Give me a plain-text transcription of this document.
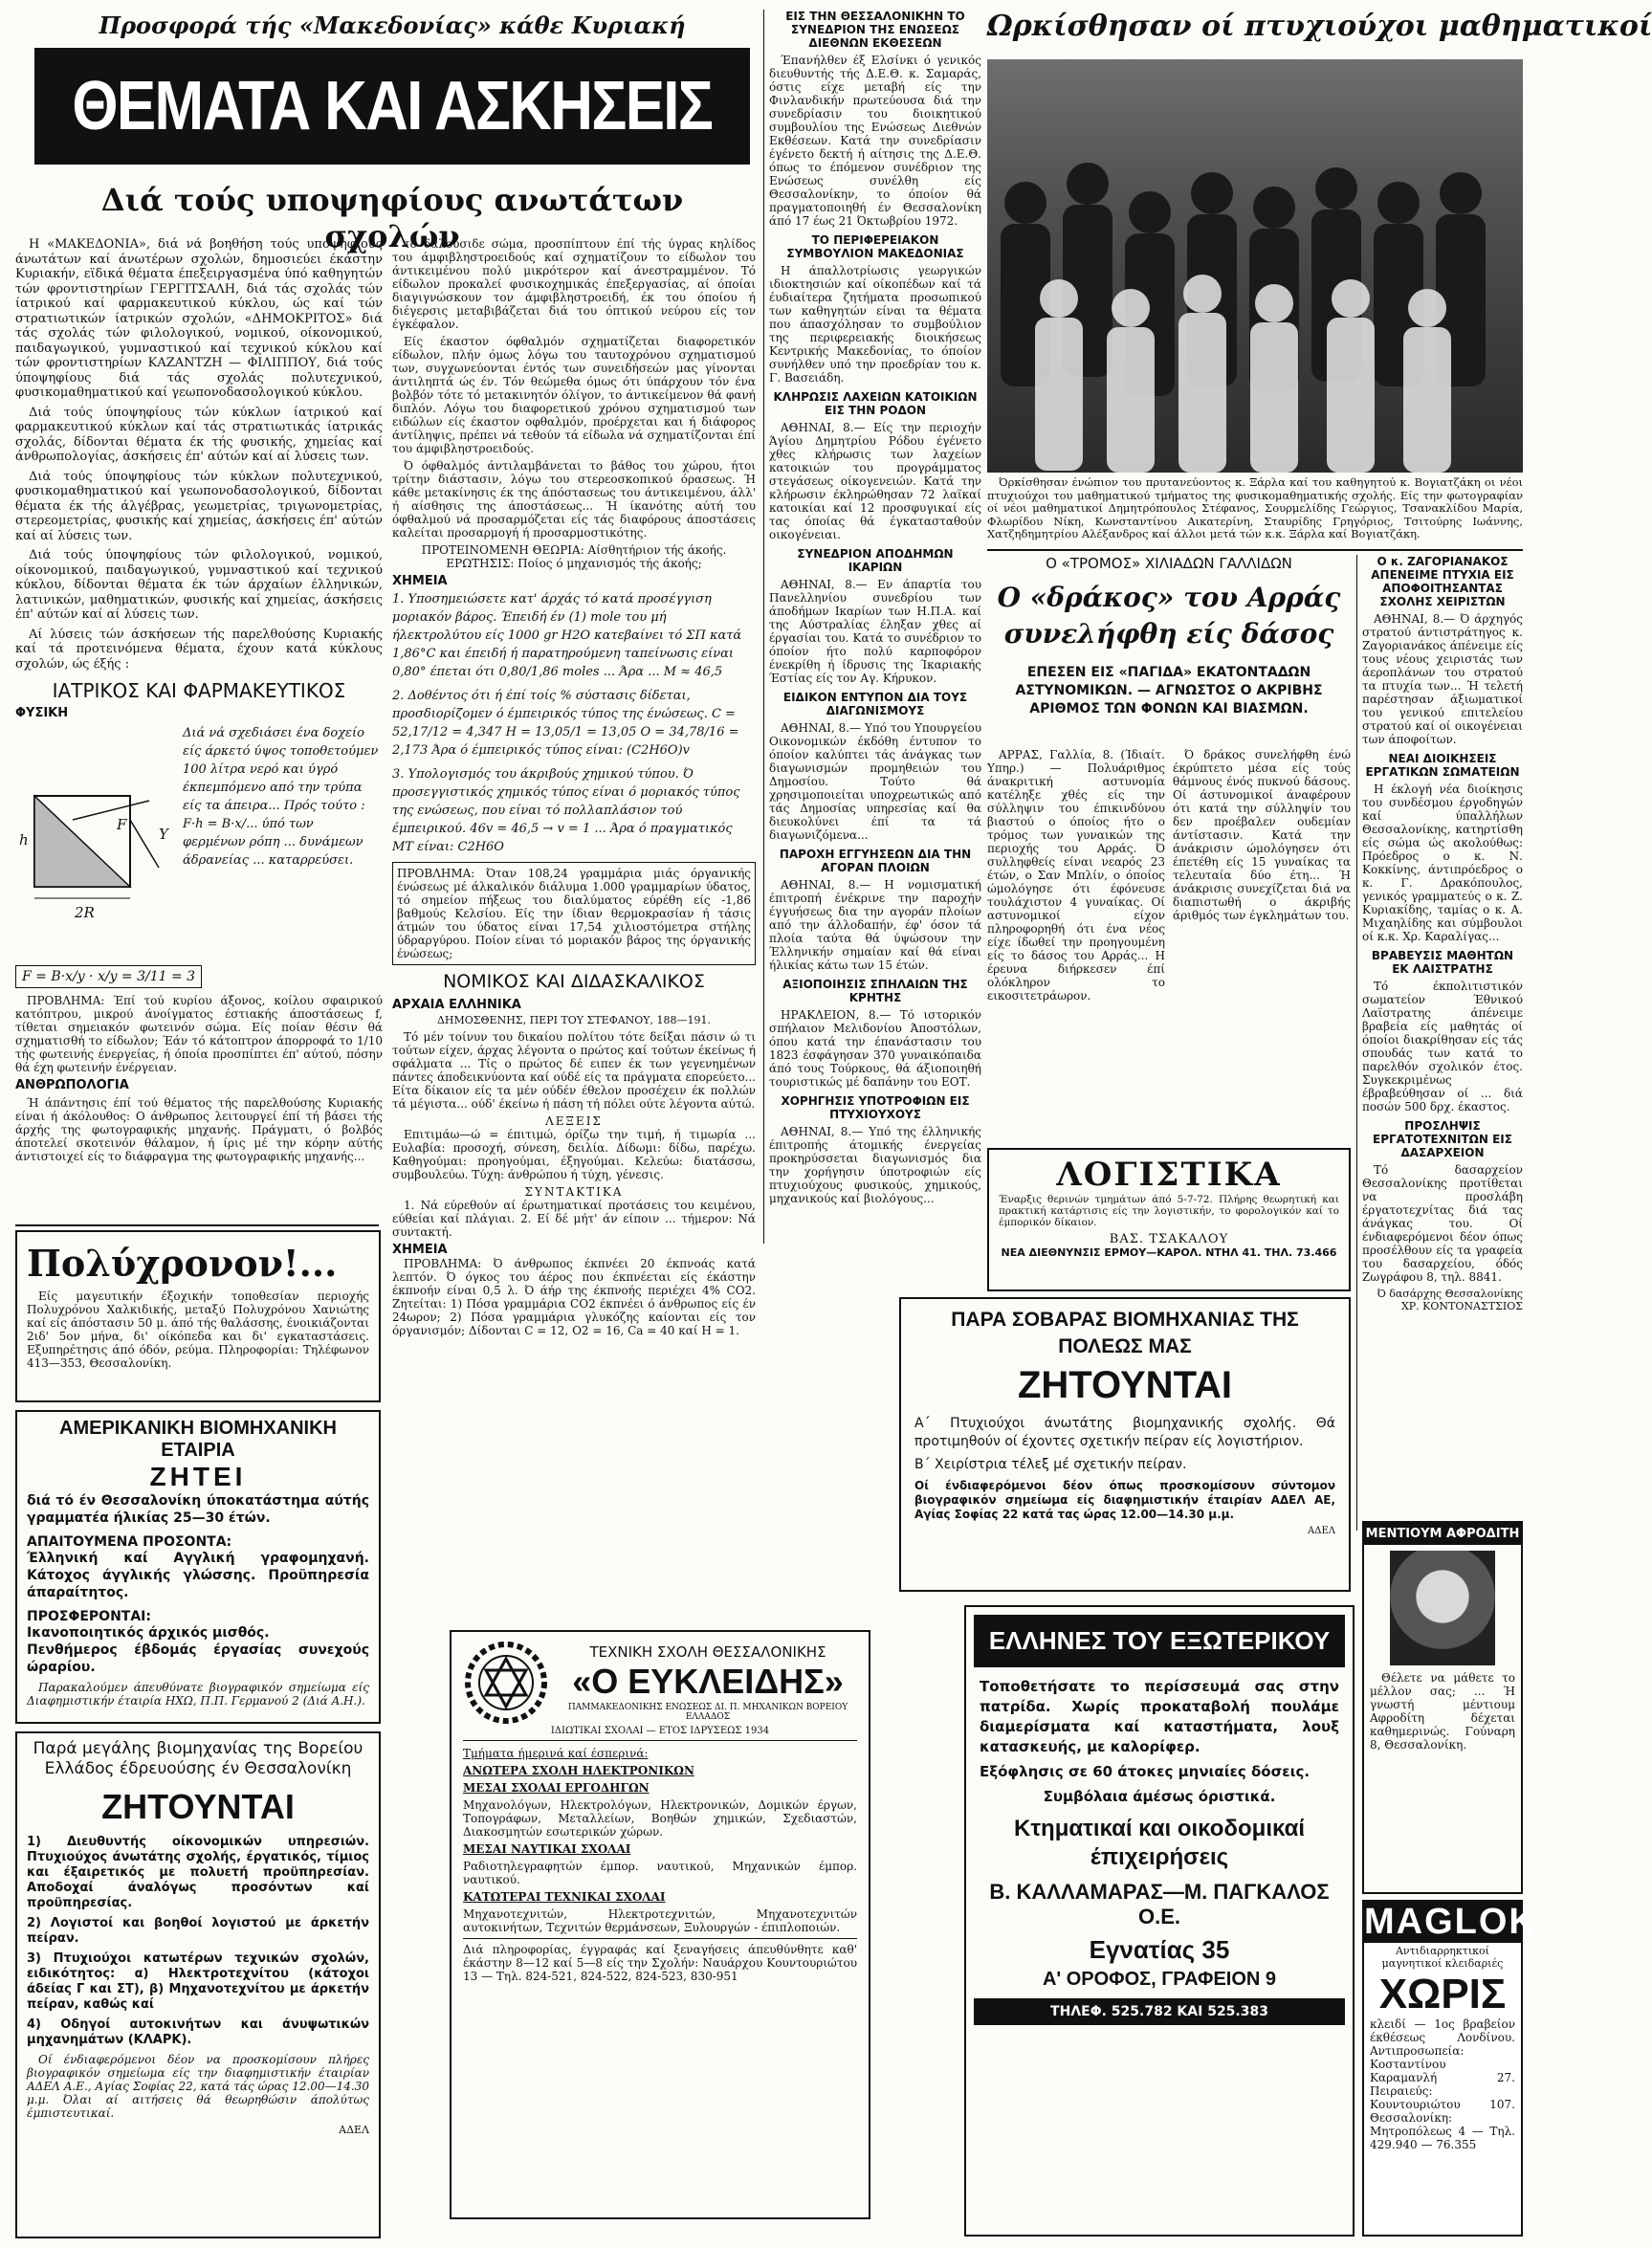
Προσφορά τής «Μακεδονίας» κάθε Κυριακή
ΘΕΜΑΤΑ ΚΑΙ ΑΣΚΗΣΕΙΣ
Διά τούς υποψηφίους ανωτάτων σχολών

Η «ΜΑΚΕΔΟΝΙΑ», διά νά βοηθήση τούς υποψηφίους άνωτάτων καί άνωτέρων σχολών, δημοσιεύει έκάστην Κυριακήν, εϊδικά θέματα έπεξειργασμένα ύπό καθηγητών τών φροντιστηρίων ΓΕΡΓΙΤΣΑΛΗ, διά τάς σχολάς τών ίατρικού καί φαρμακευτικού κύκλου, ώς καί τών στρατιωτικών ίατρικών σχολών, «ΔΗΜΟΚΡΙΤΟΣ» διά τάς σχολάς τών φιλολογικού, νομικού, οίκονομικού, παιδαγωγικού, γυμναστικού καί τεχνικού κύκλου καί τών φροντιστηρίων ΚΑΖΑΝΤΖΗ — ΦΙΛΙΠΠΟΥ, διά τούς ύποψηφίους διά τάς σχολάς πολυτεχνικού, φυσικομαθηματικού καί γεωπονοδασολογικού κύκλου.

Διά τούς ύποψηφίους τών κύκλων ίατρικού καί φαρμακευτικού κύκλων καί τάς στρατιωτικάς ίατρικάς σχολάς, δίδονται θέματα έκ τής φυσικής, χημείας καί άνθρωπολογίας, άσκήσεις έπ' αύτών καί αί λύσεις των.

Διά τούς ύποψηφίους τών κύκλων πολυτεχνικού, φυσικομαθηματικού καί γεωπονοδασολογικού, δίδονται θέματα έκ τής άλγέβρας, γεωμετρίας, τριγωνομετρίας, στερεομετρίας, φυσικής καί χημείας, άσκήσεις έπ' αύτών καί αί λύσεις των.

Διά τούς ύποψηφίους τών φιλολογικού, νομικού, οίκονομικού, παιδαγωγικού, γυμναστικού καί τεχνικού κύκλου, δίδονται θέματα έκ τών άρχαίων έλληνικών, λατινικών, μαθηματικών, φυσικής καί χημείας, άσκήσεις έπ' αύτών καί αί λύσεις των.

Αί λύσεις τών άσκήσεων τής παρελθούσης Κυριακής καί τά προτεινόμενα θέματα, έχουν κατά κύκλους σχολών, ώς έξής :

ΙΑΤΡΙΚΟΣ ΚΑΙ ΦΑΡΜΑΚΕΥΤΙΚΟΣ
ΦΥΣΙΚΗ
h
2R
F
Y
Διά νά σχεδιάσει ένα δοχείο είς άρκετό ύψος τοποθετούμεν 100 λίτρα νερό και ύγρό έκπεμπόμενο από την τρύπα είς τα άπειρα... Πρός τούτο : F·h = B·x/... ύπό των φερμένων ρόπη ... δυνάμεων άδρανείας ... καταρρεύσει.
F = B·x/y · x/y = 3/11 = 3

ΠΡΟΒΛΗΜΑ: Έπί τού κυρίου άξονος, κοίλου σφαιρικού κατόπτρου, μικρού άνοίγματος έστιακής άποστάσεως f, τίθεται σημειακόν φωτεινόν σώμα. Είς ποίαν θέσιν θά σχηματισθή το είδωλον; Έάν τό κάτοπτρον άπορροφά το 1/10 τής φωτεινής ένεργείας, ή όποία προσπίπτει έπ' αύτού, πόσην θά έχη φωτεινήν ένέργειαν.

ΑΝΘΡΩΠΟΛΟΓΙΑ

Ή άπάντησις έπί τού θέματος τής παρελθούσης Κυριακής είναι ή άκόλουθος: Ο άνθρωπος λειτουργεί έπί τή βάσει τής άρχής της φωτογραφικής μηχανής. Πράγματι, ό βολβός άποτελεί σκοτεινόν θάλαμον, ή ίρις μέ την κόρην αύτής άντιστοιχεί είς το διάφραγμα της φωτογραφικής μηχανής...

το δαλούσιδε σώμα, προσπίπτουν έπί τής ύγρας κηλίδος του άμφιβληστροειδούς καί σχηματίζουν το είδωλον του άντικειμένου πολύ μικρότερον καί άνεστραμμένον. Τό είδωλον προκαλεί φυσικοχημικάς έπεξεργασίας, αί όποίαι διαγιγνώσκουν τον άμφιβληστροειδή, έκ του όποίου ή διέγερσις μεταβιβάζεται διά του όπτικού νεύρου είς τον έγκέφαλον.

Είς έκαστον όφθαλμόν σχηματίζεται διαφορετικόν είδωλον, πλήν όμως λόγω του ταυτοχρόνου σχηματισμού των, συγχωνεύονται έντός των συνειδήσεών μας γίνονται άντιληπτά ώς έν. Τόν θεώμεθα όμως ότι ύπάρχουν τόν ένα βολβόν τότε τό μετακινητόν όλίγον, το άντικείμενον θά φανή διπλόν. Λόγω του διαφορετικού χρόνου σχηματισμού των ειδώλων είς έκαστον οφθαλμόν, προέρχεται και ή διάφορος άντίληψις, πρέπει νά τεθούν τά είδωλα νά σχηματίζονται έπί του άμφιβληστροειδούς.

Ό όφθαλμός άντιλαμβάνεται το βάθος του χώρου, ήτοι τρίτην διάστασιν, λόγω του στερεοσκοπικού όρασεως. Ή κάθε μετακίνησις έκ της άπόστασεως του άντικειμένου, άλλ' ή αίσθησις της άποστάσεως... Ή ίκανότης αύτή του όφθαλμού νά προσαρμόζεται είς τάς διαφόρους άποστάσεις καλείται προσαρμογή ή προσαρμοστικότης.

ΠΡΟΤΕΙΝΟΜΕΝΗ ΘΕΩΡΙΑ: Αίσθητήριον τής άκοής.
ΕΡΩΤΗΣΙΣ: Ποίος ό μηχανισμός τής άκοής;
ΧΗΜΕΙΑ
1. Υποσημειώσετε κατ' άρχάς τό κατά προσέγγιση μοριακόν βάρος. Έπειδή έν (1) mole του μή ήλεκτρολύτου είς 1000 gr H2O κατεβαίνει τό ΣΠ κατά 1,86°C και έπειδή ή παρατηρούμενη ταπείνωσις είναι 0,80° έπεται ότι 0,80/1,86 moles ... Άρα ... Μ ≈ 46,5
2. Δοθέντος ότι ή έπί τοίς % σύστασις δίδεται, προσδιορίζομεν ό έμπειρικός τύπος της ένώσεως. C = 52,17/12 = 4,347 H = 13,05/1 = 13,05 O = 34,78/16 = 2,173 Άρα ό έμπειρικός τύπος είναι: (C2H6O)v
3. Υπολογισμός του άκριβούς χημικού τύπου. Ό προσεγγιστικός χημικός τύπος είναι ό μοριακός τύπος της ενώσεως, που είναι τό πολλαπλάσιον τού έμπειρικού. 46v = 46,5 → v = 1 ... Άρα ό πραγματικός ΜΤ είναι: C2H6O

ΠΡΟΒΛΗΜΑ: Όταν 108,24 γραμμάρια μιάς όργανικής ένώσεως μέ άλκαλικόν διάλυμα 1.000 γραμμαρίων ύδατος, τό σημείον πήξεως του διαλύματος εύρέθη είς -1,86 βαθμούς Κελσίου. Είς την ίδιαν θερμοκρασίαν ή τάσις άτμών του ύδατος είναι 17,54 χιλιοστόμετρα στήλης ύδραργύρου. Ποίον είναι τό μοριακόν βάρος της όργανικής ένώσεως;

ΝΟΜΙΚΟΣ ΚΑΙ ΔΙΔΑΣΚΑΛΙΚΟΣ
ΑΡΧΑΙΑ ΕΛΛΗΝΙΚΑ
ΔΗΜΟΣΘΕΝΗΣ, ΠΕΡΙ ΤΟΥ ΣΤΕΦΑΝΟΥ, 188—191.

Τό μέν τοίνυν του δικαίου πολίτου τότε δείξαι πάσιν ώ τι τούτων είχεν, άρχας λέγοντα ο πρώτος καί τούτων έκείνως ή σφάλματα ... Τίς ο πρώτος δέ ειπεν έκ των γεγενημένων πάντες άποδεικνύοντα καί ούδέ είς τα πράγματα επορεύετο... Είτα δίκαιον είς τα μέν ούδέν έθελον προσέχειν έκ πολλών τά μέγιστα... ούδ' έκείνω ή πάση τή πόλει ούτε λέγοντα αύτώ.

ΛΕΞΕΙΣ

Επιτιμάω—ώ = έπιτιμώ, όρίζω την τιμή, ή τιμωρία ... Ευλαβία: προσοχή, σύνεση, δειλία. Δίδωμι: δίδω, παρέχω. Καθηγούμαι: προηγούμαι, έξηγούμαι. Κελεύω: διατάσσω, συμβουλεύω. Τύχη: άνθρώπου ή τύχη, γένεσις.

ΣΥΝΤΑΚΤΙΚΑ

1. Νά εύρεθούν αί έρωτηματικαί προτάσεις του κειμένου, εύθείαι καί πλάγιαι. 2. Εί δέ μήτ' άν είποιν ... τήμερον: Νά συντακτή.

ΧΗΜΕΙΑ

ΠΡΟΒΛΗΜΑ: Ό άνθρωπος έκπνέει 20 έκπνοάς κατά λεπτόν. Ό όγκος του άέρος που έκπνέεται είς έκάστην έκπνοήν είναι 0,5 λ. Ό άήρ της έκπνοής περιέχει 4% CO2. Ζητείται: 1) Πόσα γραμμάρια CO2 έκπνέει ό άνθρωπος είς έν 24ωρον; 2) Πόσα γραμμάρια γλυκόζης καίονται είς τον όργανισμόν; Δίδονται C = 12, O2 = 16, Ca = 40 καί H = 1.

ΕΙΣ ΤΗΝ ΘΕΣΣΑΛΟΝΙΚΗΝ ΤΟ ΣΥΝΕΔΡΙΟΝ ΤΗΣ ΕΝΩΣΕΩΣ ΔΙΕΘΝΩΝ ΕΚΘΕΣΕΩΝ

Έπανήλθεν έξ Ελσίνκι ό γενικός διευθυντής τής Δ.Ε.Θ. κ. Σαμαράς, όστις είχε μεταβή είς την Φινλανδικήν πρωτεύουσα διά την συνεδρίασιν του διοικητικού συμβουλίου της Ενώσεως Διεθνών Εκθέσεων. Κατά την συνεδρίασιν έγένετο δεκτή ή αίτησις της Δ.Ε.Θ. όπως το έπόμενον συνέδριον της Ενώσεως συνέλθη είς Θεσσαλονίκην, το όποίον θά πραγματοποιηθή έν Θεσσαλονίκη άπό 17 έως 21 Όκτωβρίου 1972.

ΤΟ ΠΕΡΙΦΕΡΕΙΑΚΟΝ ΣΥΜΒΟΥΛΙΟΝ ΜΑΚΕΔΟΝΙΑΣ

Η άπαλλοτρίωσις γεωργικών ιδιοκτησιών καί οίκοπέδων καί τά έυδιαίτερα ζητήματα προσωπικού των καθηγητών είναι τα θέματα που άπασχόλησαν το συμβούλιον της περιφερειακής διοικήσεως Κεντρικής Μακεδονίας, το όποίον συνήλθεν υπό την προεδρίαν του κ. Γ. Βασειάδη.

ΚΛΗΡΩΣΙΣ ΛΑΧΕΙΩΝ ΚΑΤΟΙΚΙΩΝ ΕΙΣ ΤΗΝ ΡΟΔΟΝ

ΑΘΗΝΑΙ, 8.— Είς την περιοχήν Άγίου Δημητρίου Ρόδου έγένετο χθες κλήρωσις των λαχείων κατοικιών του προγράμματος στεγάσεως οίκογενειών. Κατά την κλήρωσιν έκληρώθησαν 72 λαϊκαί κατοικίαι καί 12 προσφυγικαί είς τας όποίας θά έγκατασταθούν οικογένειαι.

ΣΥΝΕΔΡΙΟΝ ΑΠΟΔΗΜΩΝ ΙΚΑΡΙΩΝ

ΑΘΗΝΑΙ, 8.— Εν άπαρτία του Πανελληνίου συνεδρίου των άποδήμων Ικαρίων των Η.Π.Α. καί της Αύστραλίας έληξαν χθες αί έργασίαι του. Κατά το συνέδριον το όποίον ήτο πολύ καρποφόρον ένεκρίθη ή ίδρυσις της Ίκαριακής Έστίας είς τον Αγ. Κήρυκον.

ΕΙΔΙΚΟΝ ΕΝΤΥΠΟΝ ΔΙΑ ΤΟΥΣ ΔΙΑΓΩΝΙΣΜΟΥΣ

ΑΘΗΝΑΙ, 8.— Υπό του Υπουργείου Οικονομικών έκδόθη έντυπον το όποίον καλύπτει τάς άνάγκας των διαγωνισμών προμηθειών του Δημοσίου. Τούτο θά χρησιμοποιείται υποχρεωτικώς από τάς Δημοσίας υπηρεσίας καί θα διευκολύνει έπί τα τά διαγωνιζόμενα...

ΠΑΡΟΧΗ ΕΓΓΥΗΣΕΩΝ ΔΙΑ ΤΗΝ ΑΓΟΡΑΝ ΠΛΟΙΩΝ

ΑΘΗΝΑΙ, 8.— Η νομισματική έπιτροπή ένέκρινε την παροχήν έγγυήσεως δια την αγοράν πλοίων από την άλλοδαπήν, έφ' όσον τά πλοία ταύτα θά ύψώσουν την Έλληνικήν σημαίαν καί θά είναι ήλικίας κάτω των 15 έτών.

ΑΞΙΟΠΟΙΗΣΙΣ ΣΠΗΛΑΙΩΝ ΤΗΣ ΚΡΗΤΗΣ

ΗΡΑΚΛΕΙΟΝ, 8.— Τό ιστορικόν σπήλαιον Μελιδονίου Άποστόλων, όπου κατά την έπανάστασιν του 1823 έσφάγησαν 370 γυναικόπαιδα άπό τους Τούρκους, θά άξιοποιηθή τουριστικώς μέ δαπάνην του ΕΟΤ.

ΧΟΡΗΓΗΣΙΣ ΥΠΟΤΡΟΦΙΩΝ ΕΙΣ ΠΤΥΧΙΟΥΧΟΥΣ

ΑΘΗΝΑΙ, 8.— Υπό της έλληνικής έπιτροπής άτομικής ένεργείας προκηρύσσεται διαγωνισμός δια την χορήγησιν ύποτροφιών είς πτυχιούχους φυσικούς, χημικούς, μηχανικούς καί βιολόγους...

Ωρκίσθησαν οί πτυχιούχοι μαθηματικοί

Όρκίσθησαν ένώπιον του πρυτανεύοντος κ. Ξάρλα καί του καθηγητού κ. Βογιατζάκη οι νέοι πτυχιούχοι του μαθηματικού τμήματος της φυσικομαθηματικής σχολής. Είς την φωτογραφίαν οί νέοι μαθηματικοί Δημητρόπουλος Στέφανος, Σουρμελίδης Γεώργιος, Τσανακλίδου Μαρία, Φλωρίδου Νίκη, Κωνσταντίνου Αικατερίνη, Σταυρίδης Γρηγόριος, Τσιτούρης Ιωάννης, Χατζηδημητρίου Αλέξανδρος καί άλλοι μετά τών κ.κ. Ξάρλα καί Βογιατζάκη.

Ο «ΤΡΟΜΟΣ» ΧΙΛΙΑΔΩΝ ΓΑΛΛΙΔΩΝ
Ο «δράκος» του Αρράς συνελήφθη είς δάσος
ΕΠΕΣΕΝ ΕΙΣ «ΠΑΓΙΔΑ» ΕΚΑΤΟΝΤΑΔΩΝ ΑΣΤΥΝΟΜΙΚΩΝ. — ΑΓΝΩΣΤΟΣ Ο ΑΚΡΙΒΗΣ ΑΡΙΘΜΟΣ ΤΩΝ ΦΟΝΩΝ ΚΑΙ ΒΙΑΣΜΩΝ.

ΑΡΡΑΣ, Γαλλία, 8. (Ίδιαίτ. Υπηρ.) — Πολυάριθμος άνακριτική αστυνομία κατέληξε χθές είς την σύλληψιν του έπικινδύνου βιαστού ο όποίος ήτο ο τρόμος των γυναικών της περιοχής του Αρράς. Ό συλληφθείς είναι νεαρός 23 έτών, ο Σαν Μπλίν, ο όποίος ώμολόγησε ότι έφόνευσε τουλάχιστον 4 γυναίκας. Οί αστυνομικοί είχον πληροφορηθή ότι ένα νέος είχε ίδωθεί την προηγουμένη είς το δάσος του Αρράς... Η έρευνα διήρκεσεν έπί ολόκληρον το εικοσιτετράωρον.

Ό δράκος συνελήφθη ένώ έκρύπτετο μέσα είς τούς θάμνους ένός πυκνού δάσους. Οί άστυνομικοί άναφέρουν ότι κατά την σύλληψίν του δεν προέβαλεν ουδεμίαν άντίστασιν. Κατά την άνάκρισιν ώμολόγησεν ότι έπετέθη είς 15 γυναίκας τα τελευταία δύο έτη... Ή άνάκρισις συνεχίζεται διά να διαπιστωθή ο άκριβής άριθμός των έγκλημάτων του.

Ο κ. ΖΑΓΟΡΙΑΝΑΚΟΣ ΑΠΕΝΕΙΜΕ ΠΤΥΧΙΑ ΕΙΣ ΑΠΟΦΟΙΤΗΣΑΝΤΑΣ ΣΧΟΛΗΣ ΧΕΙΡΙΣΤΩΝ

ΑΘΗΝΑΙ, 8.— Ό άρχηγός στρατού άντιστράτηγος κ. Ζαγοριανάκος άπένειμε είς τους νέους χειριστάς των άεροπλάνων του στρατού τα πτυχία των... Ή τελετή παρέστησαν άξιωματικοί του γενικού επιτελείου στρατού καί οί οικογένειαι των άποφοίτων.

ΝΕΑΙ ΔΙΟΙΚΗΣΕΙΣ ΕΡΓΑΤΙΚΩΝ ΣΩΜΑΤΕΙΩΝ

Η έκλογή νέα διοίκησις του συνδέσμου έργοδηγών καί ύπαλλήλων Θεσσαλονίκης, κατηρτίσθη είς σώμα ώς ακολούθως: Πρόεδρος ο κ. Ν. Κοκκίνης, άντιπρόεδρος ο κ. Γ. Δρακόπουλος, γενικός γραμματεύς ο κ. Ζ. Κυριακίδης, ταμίας ο κ. Α. Μιχαηλίδης και σύμβουλοι οί κ.κ. Χρ. Καραλίγας...

ΒΡΑΒΕΥΣΙΣ ΜΑΘΗΤΩΝ ΕΚ ΛΑΙΣΤΡΑΤΗΣ

Τό έκπολιτιστικόν σωματείον Έθνικού Λαϊστρατης άπένειμε βραβεία είς μαθητάς οί όποίοι διακρίθησαν είς τάς σπουδάς των κατά το παρελθόν σχολικόν έτος. Συγκεκριμένως έβραβεύθησαν οί ... διά ποσών 500 δρχ. έκαστος.

ΠΡΟΣΛΗΨΙΣ ΕΡΓΑΤΟΤΕΧΝΙΤΩΝ ΕΙΣ ΔΑΣΑΡΧΕΙΟΝ

Τό δασαρχείον Θεσσαλονίκης προτίθεται να προσλάβη έργατοτεχνίτας διά τας άνάγκας του. Οί ένδιαφερόμενοι δέον όπως προσέλθουν είς τα γραφεία του δασαρχείου, όδός Ζωγράφου 8, τηλ. 8841.

Ό δασάρχης Θεσσαλονίκης ΧΡ. ΚΟΝΤΟΝΑΣΤΣΙΟΣ
ΜΕΝΤΙΟΥΜ ΑΦΡΟΔΙΤΗ

Θέλετε να μάθετε το μέλλον σας; ... Ή γνωστή μέντιουμ Αφροδίτη δέχεται καθημερινώς. Γούναρη 8, Θεσσαλονίκη.

MAGLOK
Αντιδιαρρηκτικοί μαγνητικοί κλειδαριές
ΧΩΡΙΣ

κλειδί — 1ος βραβείον έκθέσεως Λονδίνου. Αντιπροσωπεία: Κοσταντίνου Καραμανλή 27. Πειραιεύς: Κουντουριώτου 107. Θεσσαλονίκη: Μητροπόλεως 4 — Τηλ. 429.940 — 76.355

Πολύχρονον!...

Είς μαγευτικήν έξοχικήν τοποθεσίαν περιοχής Πολυχρόνου Χαλκιδικής, μεταξύ Πολυχρόνου Χανιώτης καί είς άπόστασιν 50 μ. άπό τής θαλάσσης, ένοικιάζονται 2ιδ' 5ον μήνα, δι' οίκόπεδα και δι' εγκαταστάσεις. Εξυπηρέτησις άπό όδόν, ρεύμα. Πληροφορίαι: Τηλέφωνον 413—353, Θεσσαλονίκη.

ΑΜΕΡΙΚΑΝΙΚΗ ΒΙΟΜΗΧΑΝΙΚΗ ΕΤΑΙΡΙΑ
ΖΗΤΕΙ

διά τό έν Θεσσαλονίκη ύποκατάστημα αύτής γραμματέα ήλικίας 25—30 έτών.

ΑΠΑΙΤΟΥΜΕΝΑ ΠΡΟΣΟΝΤΑ:

Έλληνική καί Αγγλική γραφομηχανή. Κάτοχος άγγλικής γλώσσης. Προϋπηρεσία άπαραίτητος.

ΠΡΟΣΦΕΡΟΝΤΑΙ:

Ικανοποιητικός άρχικός μισθός.

Πενθήμερος έβδομάς έργασίας συνεχούς ώραρίου.

Παρακαλούμεν άπευθύνατε βιογραφικόν σημείωμα είς Διαφημιστικήν έταιρία ΗΧΩ, Π.Π. Γερμανού 2 (Διά Α.Η.).

Παρά μεγάλης βιομηχανίας της Βορείου Ελλάδος έδρευούσης έν Θεσσαλονίκη
ΖΗΤΟΥΝΤΑΙ
1) Διευθυντής οίκονομικών υπηρεσιών. Πτυχιούχος άνωτάτης σχολής, έργατικός, τίμιος και έξαιρετικός με πολυετή προϋπηρεσίαν. Αποδοχαί άναλόγως προσόντων καί προϋπηρεσίας.
2) Λογιστοί και βοηθοί λογιστού με άρκετήν πείραν.
3) Πτυχιούχοι κατωτέρων τεχνικών σχολών, ειδικότητος: α) Ηλεκτροτεχνίτου (κάτοχοι άδείας Γ και ΣΤ), β) Μηχανοτεχνίτου με άρκετήν πείραν, καθώς καί
4) Οδηγοί αυτοκινήτων και άνυψωτικών μηχανημάτων (ΚΛΑΡΚ).

Οί ένδιαφερόμενοι δέον να προσκομίσουν πλήρες βιογραφικόν σημείωμα είς την διαφημιστικήν έταιρίαν ΑΔΕΛ Α.Ε., Αγίας Σοφίας 22, κατά τάς ώρας 12.00—14.30 μ.μ. Όλαι αί αιτήσεις θά θεωρηθώσιν άπολύτως έμπιστευτικαί.

ΑΔΕΛ
ΤΕΧΝΙΚΗ ΣΧΟΛΗ ΘΕΣΣΑΛΟΝΙΚΗΣ
«Ο ΕΥΚΛΕΙΔΗΣ»
ΠΑΜΜΑΚΕΔΟΝΙΚΗΣ ΕΝΩΣΕΩΣ ΔΙ. Π. ΜΗΧΑΝΙΚΩΝ ΒΟΡΕΙΟΥ ΕΛΛΑΔΟΣ
ΙΔΙΩΤΙΚΑΙ ΣΧΟΛΑΙ — ΕΤΟΣ ΙΔΡΥΣΕΩΣ 1934
Τμήματα ήμερινά καί έσπερινά:
ΑΝΩΤΕΡΑ ΣΧΟΛΗ ΗΛΕΚΤΡΟΝΙΚΩΝ
ΜΕΣΑΙ ΣΧΟΛΑΙ ΕΡΓΟΔΗΓΩΝ

Μηχανολόγων, Ηλεκτρολόγων, Ηλεκτρονικών, Δομικών έργων, Τοπογράφων, Μεταλλείων, Βοηθών χημικών, Σχεδιαστών, Διακοσμητών εσωτερικών χώρων.

ΜΕΣΑΙ ΝΑΥΤΙΚΑΙ ΣΧΟΛΑΙ

Ραδιοτηλεγραφητών έμπορ. ναυτικού, Μηχανικών έμπορ. ναυτικού.

ΚΑΤΩΤΕΡΑΙ ΤΕΧΝΙΚΑΙ ΣΧΟΛΑΙ

Μηχανοτεχνιτών, Ηλεκτροτεχνιτών, Μηχανοτεχνιτών αυτοκινήτων, Τεχνιτών θερμάνσεων, Ξυλουργών - έπιπλοποιών.

Διά πληροφορίας, έγγραφάς καί ξεναγήσεις άπευθύνθητε καθ' έκάστην 8—12 καί 5—8 είς την Σχολήν: Ναυάρχου Κουντουριώτου 13 — Τηλ. 824-521, 824-522, 824-523, 830-951

ΛΟΓΙΣΤΙΚΑ

Έναρξις θερινών τμημάτων άπό 5-7-72. Πλήρης θεωρητική και πρακτική κατάρτισις είς την λογιστικήν, το φορολογικόν καί το έμπορικόν δίκαιον.

ΒΑΣ. ΤΣΑΚΑΛΟΥ
ΝΕΑ ΔΙΕΘΝΥΝΣΙΣ ΕΡΜΟΥ—ΚΑΡΟΛ. ΝΤΗΛ 41. ΤΗΛ. 73.466
ΠΑΡΑ ΣΟΒΑΡΑΣ ΒΙΟΜΗΧΑΝΙΑΣ ΤΗΣ ΠΟΛΕΩΣ ΜΑΣ
ΖΗΤΟΥΝΤΑΙ

Α΄ Πτυχιούχοι άνωτάτης βιομηχανικής σχολής. Θά προτιμηθούν οί έχοντες σχετικήν πείραν είς λογιστήριον.

Β΄ Χειρίστρια τέλεξ μέ σχετικήν πείραν.

Οί ένδιαφερόμενοι δέον όπως προσκομίσουν σύντομον βιογραφικόν σημείωμα είς διαφημιστικήν έταιρίαν ΑΔΕΛ ΑΕ, Αγίας Σοφίας 22 κατά τας ώρας 12.00—14.30 μ.μ.

ΑΔΕΛ
ΕΛΛΗΝΕΣ ΤΟΥ ΕΞΩΤΕΡΙΚΟΥ

Τοποθετήσατε το περίσσευμά σας στην πατρίδα. Χωρίς προκαταβολή πουλάμε διαμερίσματα καί καταστήματα, λουξ κατασκευής, με καλορίφερ.

Εξόφλησις σε 60 άτοκες μηνιαίες δόσεις.

Συμβόλαια άμέσως όριστικά.

Κτηματικαί και οικοδομικαί έπιχειρήσεις
Β. ΚΑΛΛΑΜΑΡΑΣ—Μ. ΠΑΓΚΑΛΟΣ Ο.Ε.
Εγνατίας 35
Α' ΟΡΟΦΟΣ, ΓΡΑΦΕΙΟΝ 9
ΤΗΛΕΦ. 525.782 ΚΑΙ 525.383
